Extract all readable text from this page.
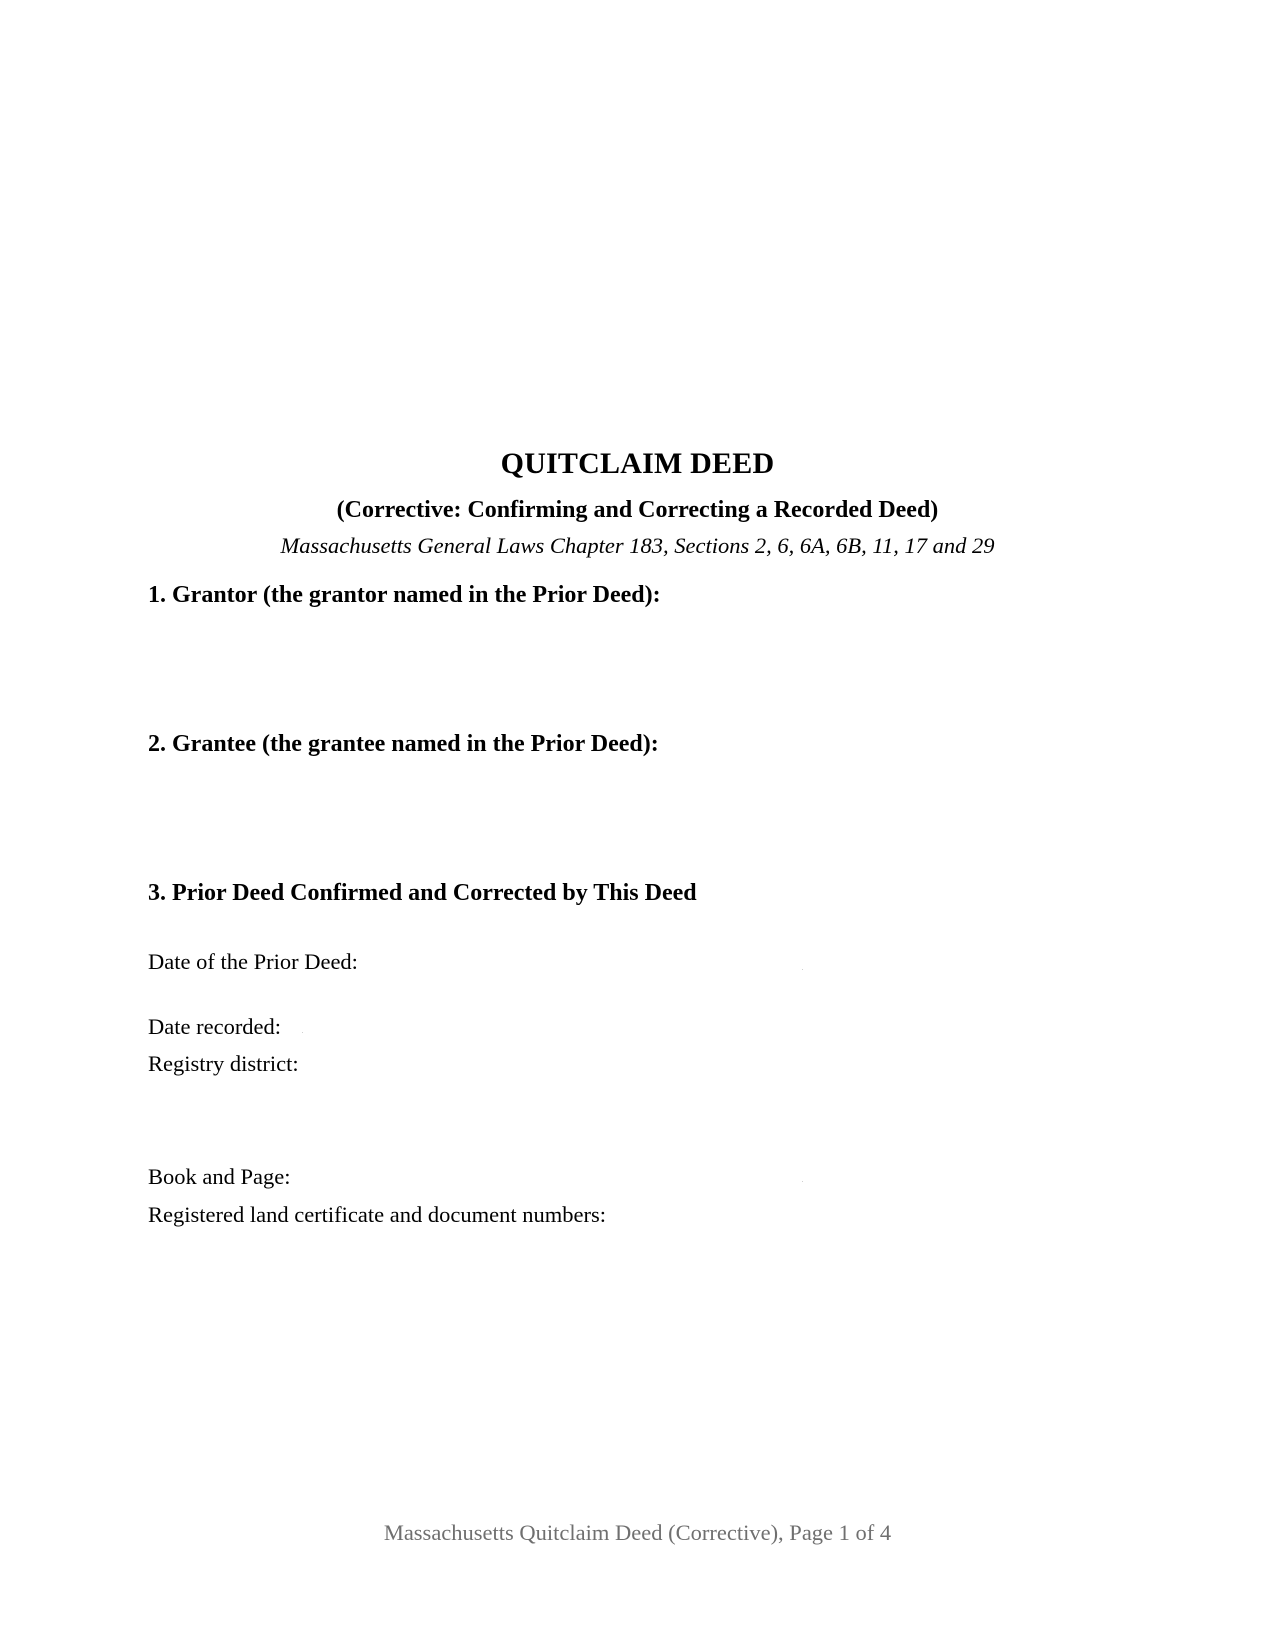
QUITCLAIM DEED
(Corrective: Confirming and Correcting a Recorded Deed)
Massachusetts General Laws Chapter 183, Sections 2, 6, 6A, 6B, 11, 17 and 29
1. Grantor (the grantor named in the Prior Deed):
2. Grantee (the grantee named in the Prior Deed):
3. Prior Deed Confirmed and Corrected by This Deed
Date of the Prior Deed:
Date recorded:
Registry district:
Book and Page:
Registered land certificate and document numbers:
Massachusetts Quitclaim Deed (Corrective), Page 1 of 4
